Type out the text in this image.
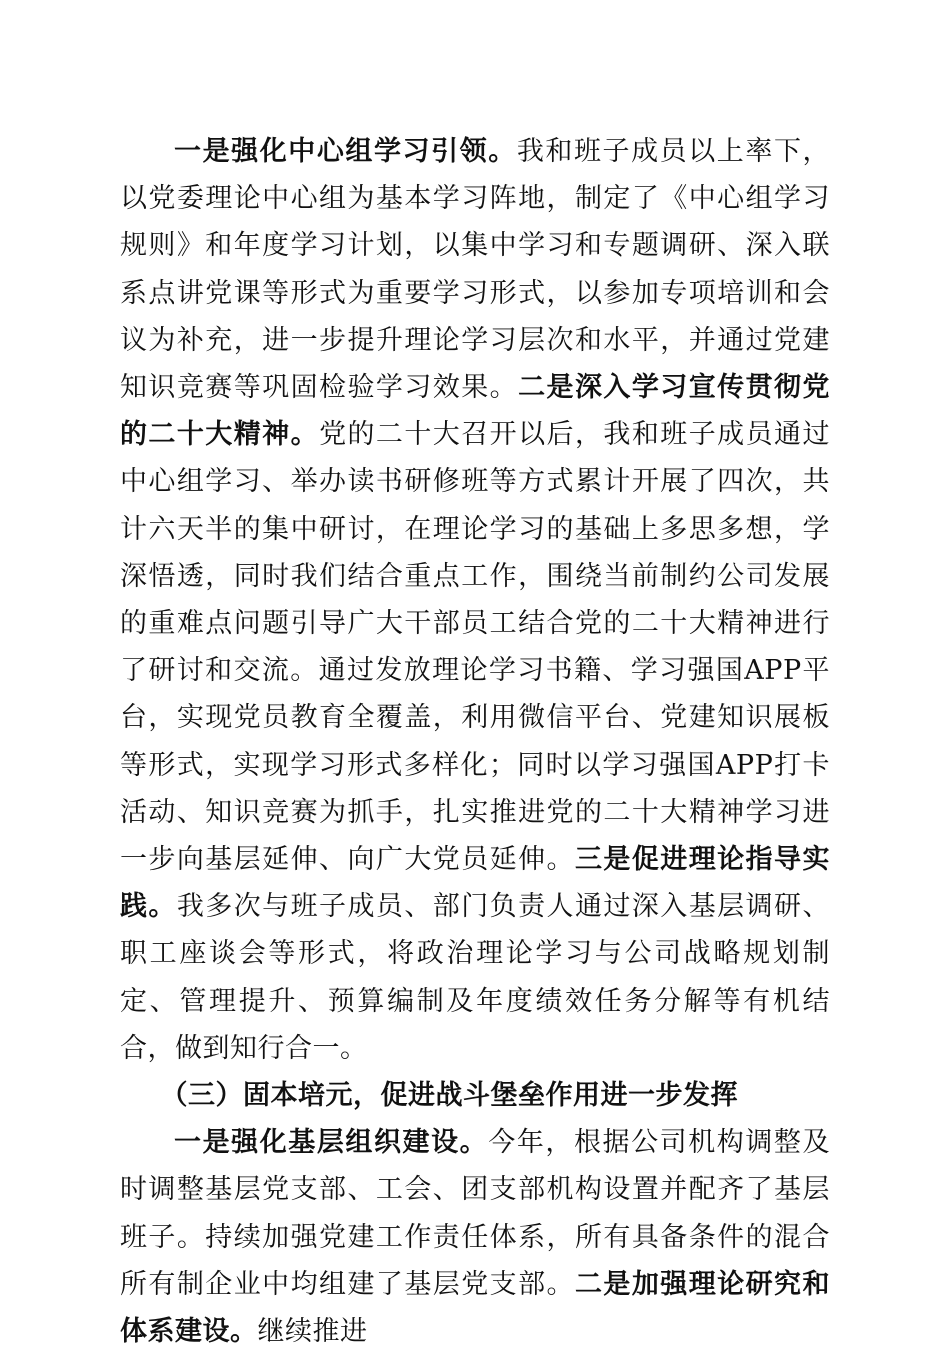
一是强化中心组学习引领。我和班子成员以上率下，以党委理论中心组为基本学习阵地，制定了《中心组学习规则》和年度学习计划，以集中学习和专题调研、深入联系点讲党课等形式为重要学习形式，以参加专项培训和会议为补充，进一步提升理论学习层次和水平，并通过党建知识竞赛等巩固检验学习效果。二是深入学习宣传贯彻党的二十大精神。党的二十大召开以后，我和班子成员通过中心组学习、举办读书研修班等方式累计开展了四次，共计六天半的集中研讨，在理论学习的基础上多思多想，学深悟透，同时我们结合重点工作，围绕当前制约公司发展的重难点问题引导广大干部员工结合党的二十大精神进行了研讨和交流。通过发放理论学习书籍、学习强国APP平台，实现党员教育全覆盖，利用微信平台、党建知识展板等形式，实现学习形式多样化；同时以学习强国APP打卡活动、知识竞赛为抓手，扎实推进党的二十大精神学习进一步向基层延伸、向广大党员延伸。三是促进理论指导实践。我多次与班子成员、部门负责人通过深入基层调研、职工座谈会等形式，将政治理论学习与公司战略规划制定、管理提升、预算编制及年度绩效任务分解等有机结合，做到知行合一。

（三）固本培元，促进战斗堡垒作用进一步发挥

一是强化基层组织建设。今年，根据公司机构调整及时调整基层党支部、工会、团支部机构设置并配齐了基层班子。持续加强党建工作责任体系，所有具备条件的混合所有制企业中均组建了基层党支部。二是加强理论研究和体系建设。继续推进
